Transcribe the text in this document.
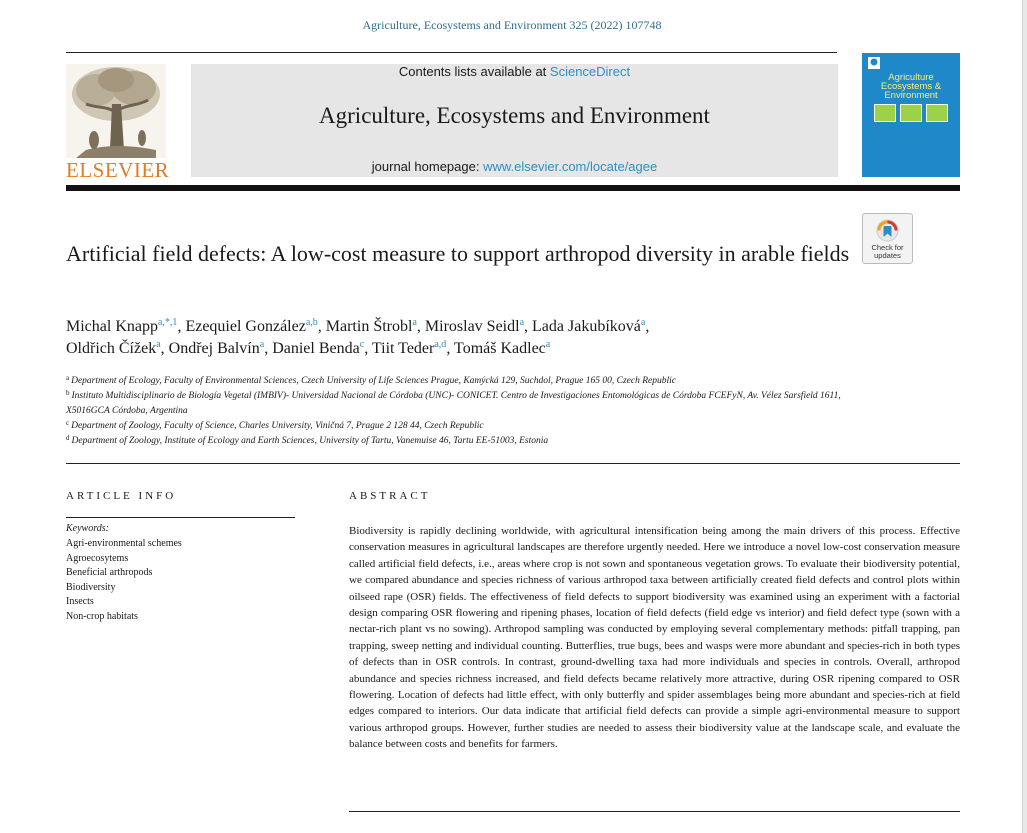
Agriculture, Ecosystems and Environment 325 (2022) 107748
ELSEVIER
Contents lists available at ScienceDirect
Agriculture, Ecosystems and Environment
journal homepage: www.elsevier.com/locate/agee
Agriculture
Ecosystems &
Environment
Check for
updates
Artificial field defects: A low-cost measure to support arthropod diversity in arable fields
Michal Knapp$^{a,*,1}$, Ezequiel González$^{a,b}$, Martin Štrobl$^a$, Miroslav Seidl$^a$, Lada Jakubíková$^a$,
Oldřich Čížek$^a$, Ondřej Balvín$^a$, Daniel Benda$^c$, Tiit Teder$^{a,d}$, Tomáš Kadlec$^a$
$^a$ Department of Ecology, Faculty of Environmental Sciences, Czech University of Life Sciences Prague, Kamýcká 129, Suchdol, Prague 165 00, Czech Republic
$^b$ Instituto Multidisciplinario de Biología Vegetal (IMBIV)- Universidad Nacional de Córdoba (UNC)- CONICET. Centro de Investigaciones Entomológicas de Córdoba FCEFyN, Av. Vélez Sarsfield 1611, X5016GCA Córdoba, Argentina
$^c$ Department of Zoology, Faculty of Science, Charles University, Viničná 7, Prague 2 128 44, Czech Republic
$^d$ Department of Zoology, Institute of Ecology and Earth Sciences, University of Tartu, Vanemuise 46, Tartu EE-51003, Estonia
ARTICLE INFO
Keywords:
Agri-environmental schemes
Agroecosytems
Beneficial arthropods
Biodiversity
Insects
Non-crop habitats
ABSTRACT
Biodiversity is rapidly declining worldwide, with agricultural intensification being among the main drivers of this process. Effective conservation measures in agricultural landscapes are therefore urgently needed. Here we introduce a novel low-cost conservation measure called artificial field defects, i.e., areas where crop is not sown and spontaneous vegetation grows. To evaluate their biodiversity potential, we compared abundance and species richness of various arthropod taxa between artificially created field defects and control plots within oilseed rape (OSR) fields. The effectiveness of field defects to support biodiversity was examined using an experiment with a factorial design comparing OSR flowering and ripening phases, location of field defects (field edge vs interior) and field defect type (sown with a nectar-rich plant vs no sowing). Arthropod sampling was conducted by employing several complementary methods: pitfall trapping, pan trapping, sweep netting and individual counting. Butterflies, true bugs, bees and wasps were more abundant and species-rich in both types of defects than in OSR controls. In contrast, ground-dwelling taxa had more individuals and species in controls. Overall, arthropod abundance and species richness increased, and field defects became relatively more attractive, during OSR ripening compared to OSR flowering. Location of defects had little effect, with only butterfly and spider assemblages being more abundant and species-rich at field edges compared to interiors. Our data indicate that artificial field defects can provide a simple agri-environmental measure to support various arthropod groups. However, further studies are needed to assess their biodiversity value at the landscape scale, and evaluate the balance between costs and benefits for farmers.
